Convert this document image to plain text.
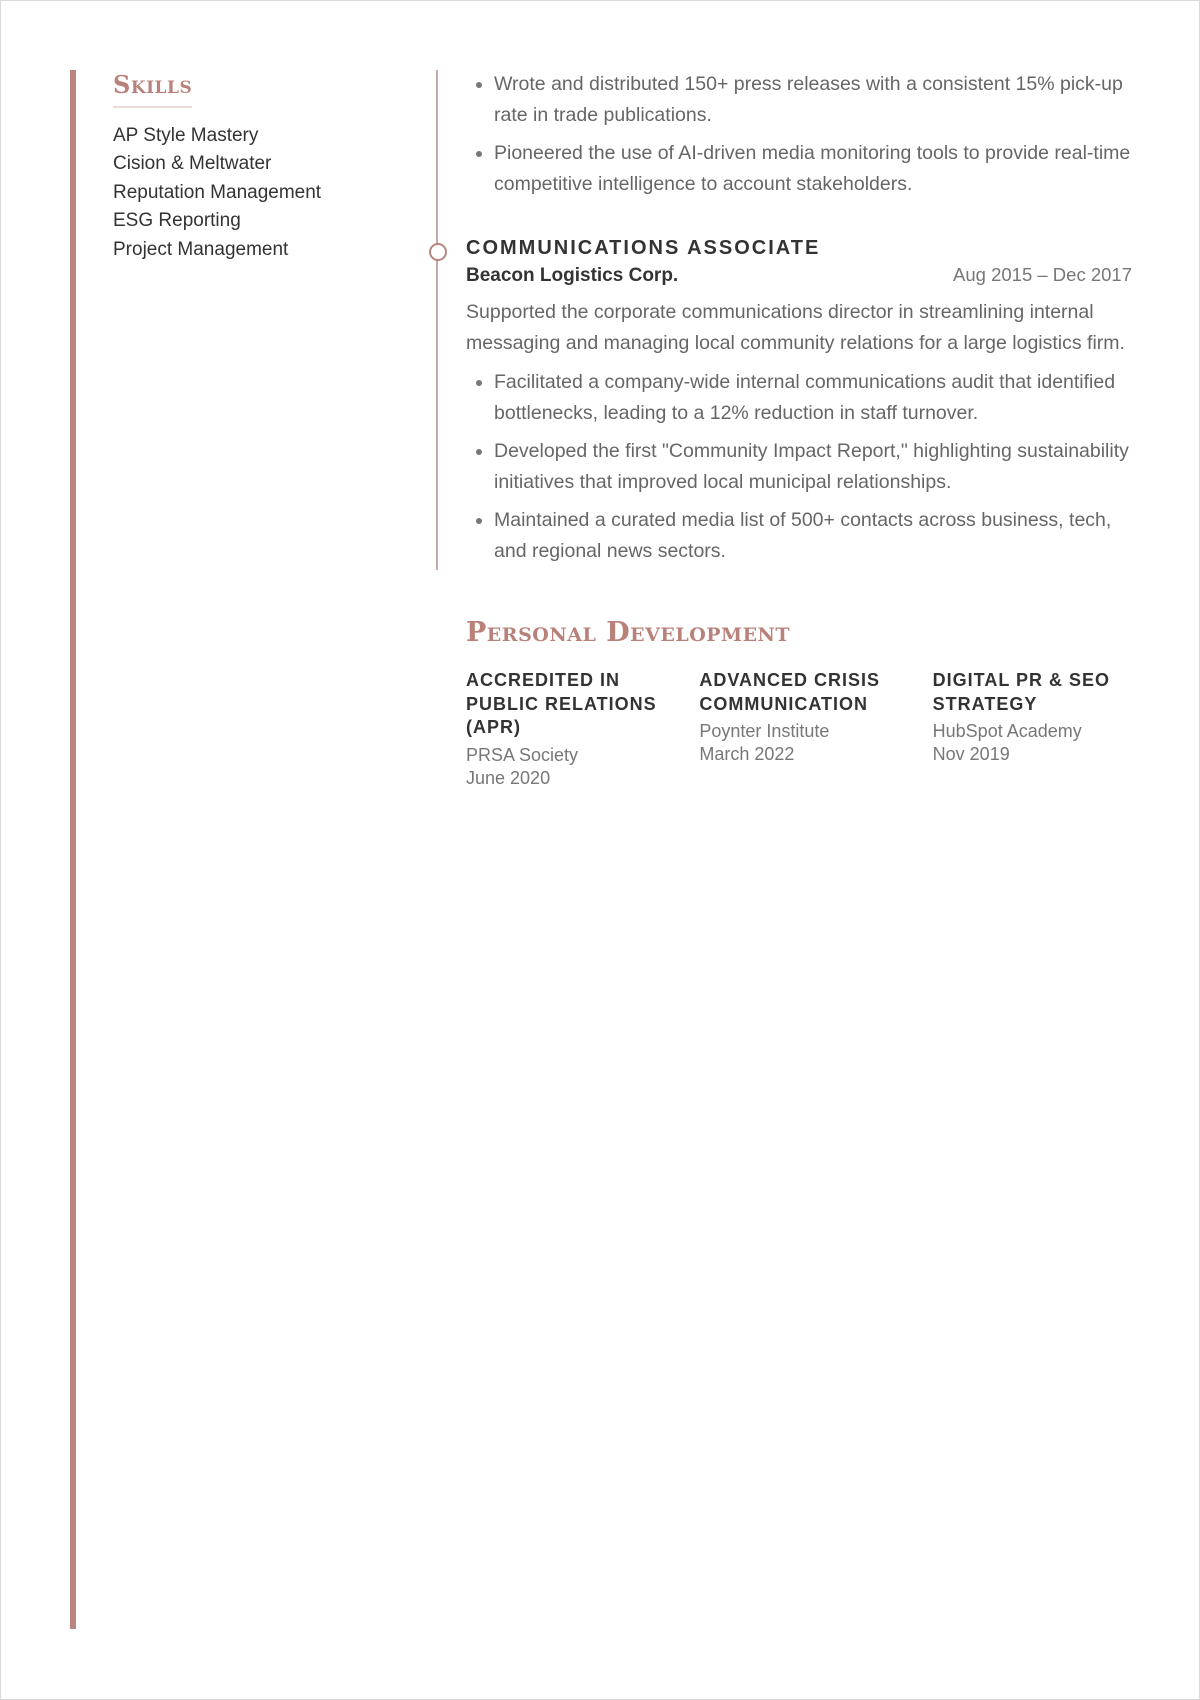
Skills
AP Style Mastery
Cision & Meltwater
Reputation Management
ESG Reporting
Project Management
• Wrote and distributed 150+ press releases with a consistent 15% pick-up rate in trade publications.
• Pioneered the use of AI-driven media monitoring tools to provide real-time competitive intelligence to account stakeholders.
COMMUNICATIONS ASSOCIATE
Beacon Logistics Corp.	Aug 2015 – Dec 2017

Supported the corporate communications director in streamlining internal messaging and managing local community relations for a large logistics firm.

• Facilitated a company-wide internal communications audit that identified bottlenecks, leading to a 12% reduction in staff turnover.
• Developed the first "Community Impact Report," highlighting sustainability initiatives that improved local municipal relationships.
• Maintained a curated media list of 500+ contacts across business, tech, and regional news sectors.
Personal Development

ACCREDITED IN PUBLIC RELATIONS (APR)

PRSA Society
June 2020

ADVANCED CRISIS COMMUNICATION

Poynter Institute
March 2022

DIGITAL PR & SEO STRATEGY

HubSpot Academy
Nov 2019
